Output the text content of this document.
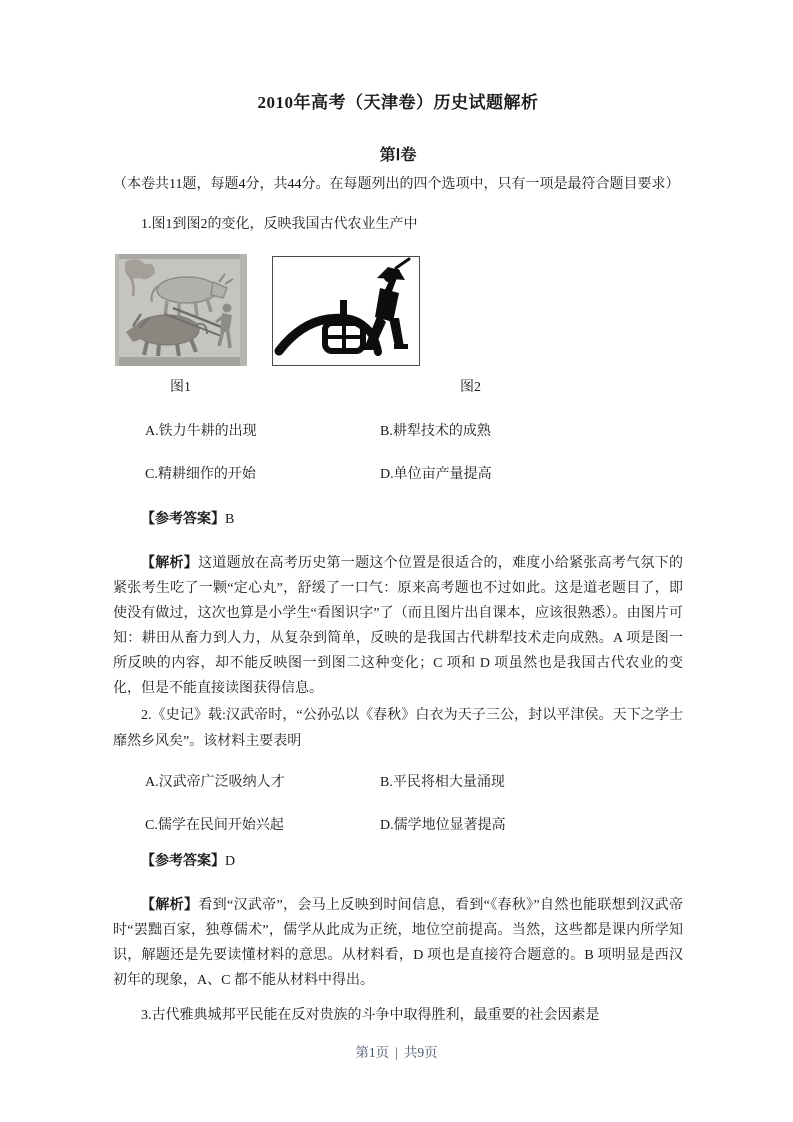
2010年高考（天津卷）历史试题解析
第Ⅰ卷

（本卷共11题，每题4分，共44分。在每题列出的四个选项中，只有一项是最符合题目要求）

1.图1到图2的变化，反映我国古代农业生产中

图1	图2
A.铁力牛耕的出现	B.耕犁技术的成熟
C.精耕细作的开始	D.单位亩产量提高

【参考答案】B

【解析】这道题放在高考历史第一题这个位置是很适合的，难度小给紧张高考气氛下的紧张考生吃了一颗“定心丸”，舒缓了一口气：原来高考题也不过如此。这是道老题目了，即使没有做过，这次也算是小学生“看图识字”了（而且图片出自课本，应该很熟悉）。由图片可知：耕田从畜力到人力，从复杂到简单，反映的是我国古代耕犁技术走向成熟。A 项是图一所反映的内容，却不能反映图一到图二这种变化；C 项和 D 项虽然也是我国古代农业的变化，但是不能直接读图获得信息。

2.《史记》载:汉武帝时，“公孙弘以《春秋》白衣为天子三公，封以平津侯。天下之学士靡然乡风矣”。该材料主要表明

A.汉武帝广泛吸纳人才	B.平民将相大量涌现
C.儒学在民间开始兴起	D.儒学地位显著提高

【参考答案】D

【解析】看到“汉武帝”，会马上反映到时间信息，看到“《春秋》”自然也能联想到汉武帝时“罢黜百家，独尊儒术”，儒学从此成为正统，地位空前提高。当然，这些都是课内所学知识，解题还是先要读懂材料的意思。从材料看，D 项也是直接符合题意的。B 项明显是西汉初年的现象，A、C 都不能从材料中得出。

3.古代雅典城邦平民能在反对贵族的斗争中取得胜利，最重要的社会因素是

第1页 | 共9页
